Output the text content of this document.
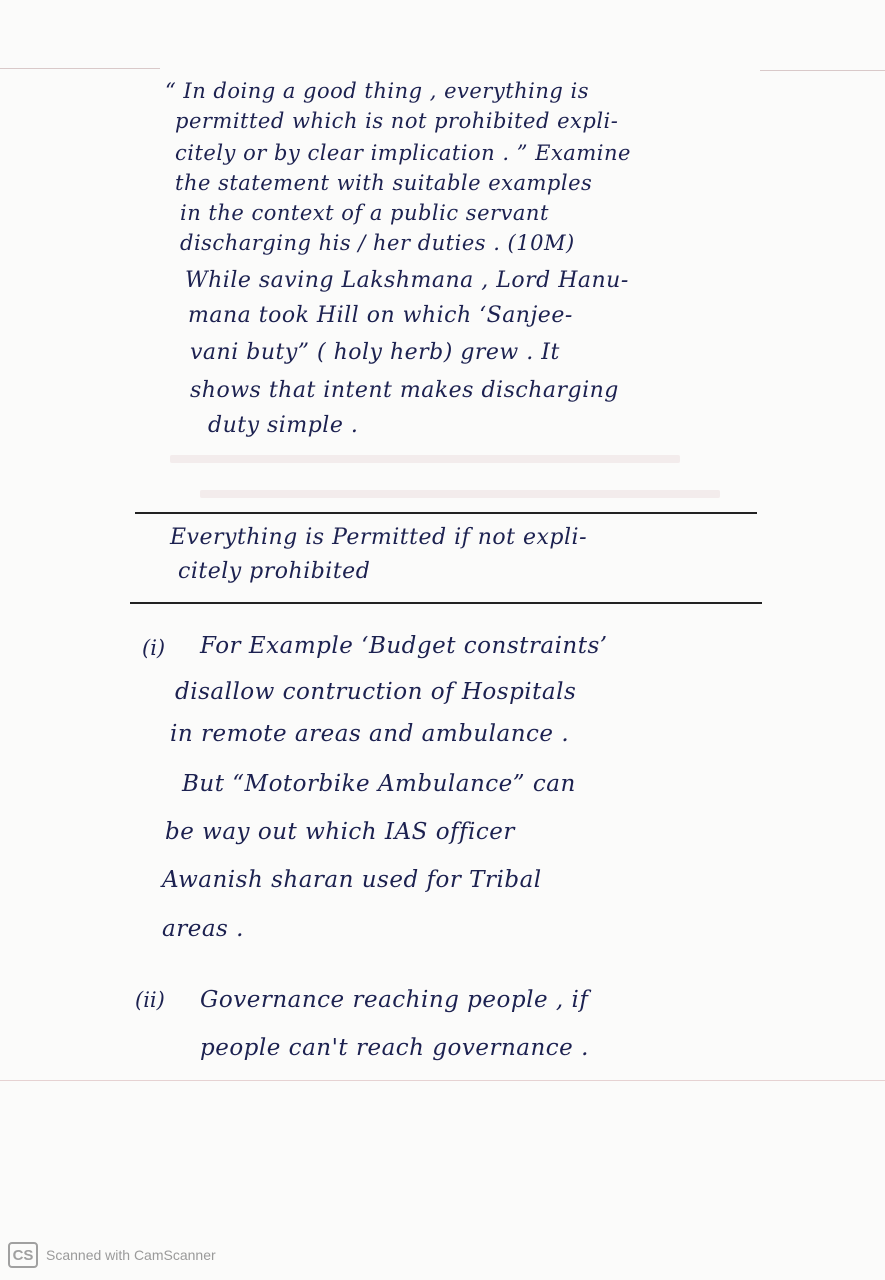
“ In doing a good thing , everything is
permitted which is not prohibited expli-
citely or by clear implication . ” Examine
the statement with suitable examples
in the context of a public servant
discharging his / her duties . (10M)
While saving Lakshmana , Lord Hanu-
mana took Hill on which ‘Sanjee-
vani buty” ( holy herb) grew . It
shows that intent makes discharging
duty simple .
Everything is Permitted if not expli-
citely prohibited
(i) For Example ‘Budget constraints’
disallow contruction of Hospitals
in remote areas and ambulance .
But “Motorbike Ambulance” can
be way out which IAS officer
Awanish sharan used for Tribal
areas .
(ii) Governance reaching people , if
people can't reach governance .
CS Scanned with CamScanner
